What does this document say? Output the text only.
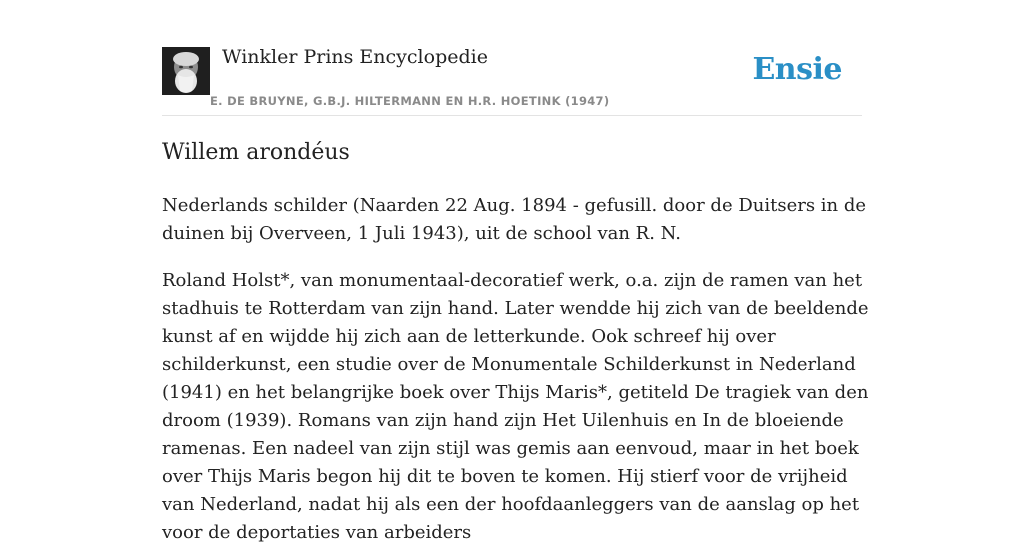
Winkler Prins Encyclopedie
E. DE BRUYNE, G.B.J. HILTERMANN EN H.R. HOETINK (1947)
Ensie
Willem arondéus

Nederlands schilder (Naarden 22 Aug. 1894 - gefusill. door de Duitsers in de duinen bij Overveen, 1 Juli 1943), uit de school van R. N.

Roland Holst*, van monumentaal-decoratief werk, o.a. zijn de ramen van het stadhuis te Rotterdam van zijn hand. Later wendde hij zich van de beeldende kunst af en wijdde hij zich aan de letterkunde. Ook schreef hij over schilderkunst, een studie over de Monumentale Schilderkunst in Nederland (1941) en het belangrijke boek over Thijs Maris*, getiteld De tragiek van den droom (1939). Romans van zijn hand zijn Het Uilenhuis en In de bloeiende ramenas. Een nadeel van zijn stijl was gemis aan eenvoud, maar in het boek over Thijs Maris begon hij dit te boven te komen. Hij stierf voor de vrijheid van Nederland, nadat hij als een der hoofdaanleggers van de aanslag op het voor de deportaties van arbeiders
